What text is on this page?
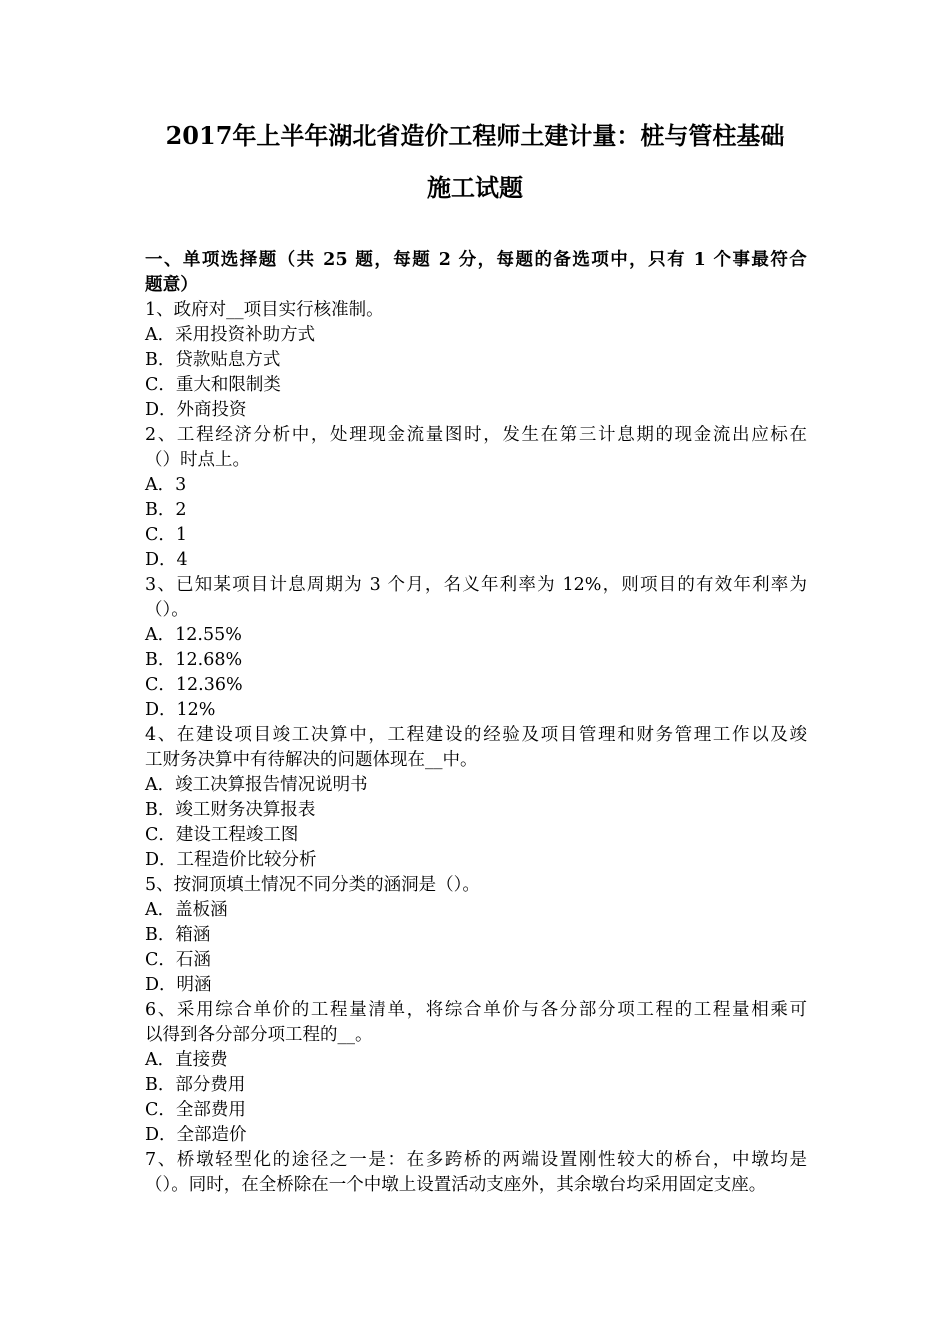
2017年上半年湖北省造价工程师土建计量：桩与管柱基础
施工试题
一、单项选择题（共 25 题，每题 2 分，每题的备选项中，只有 1 个事最符合
题意）
1、政府对__项目实行核准制。
A．采用投资补助方式
B．贷款贴息方式
C．重大和限制类
D．外商投资
2、工程经济分析中，处理现金流量图时，发生在第三计息期的现金流出应标在
（）时点上。
A．3
B．2
C．1
D．4
3、已知某项目计息周期为 3 个月，名义年利率为 12%，则项目的有效年利率为
（）。
A．12.55%
B．12.68%
C．12.36%
D．12%
4、在建设项目竣工决算中，工程建设的经验及项目管理和财务管理工作以及竣
工财务决算中有待解决的问题体现在__中。
A．竣工决算报告情况说明书
B．竣工财务决算报表
C．建设工程竣工图
D．工程造价比较分析
5、按洞顶填土情况不同分类的涵洞是（）。
A．盖板涵
B．箱涵
C．石涵
D．明涵
6、采用综合单价的工程量清单，将综合单价与各分部分项工程的工程量相乘可
以得到各分部分项工程的__。
A．直接费
B．部分费用
C．全部费用
D．全部造价
7、桥墩轻型化的途径之一是：在多跨桥的两端设置刚性较大的桥台，中墩均是
（）。同时，在全桥除在一个中墩上设置活动支座外，其余墩台均采用固定支座。
